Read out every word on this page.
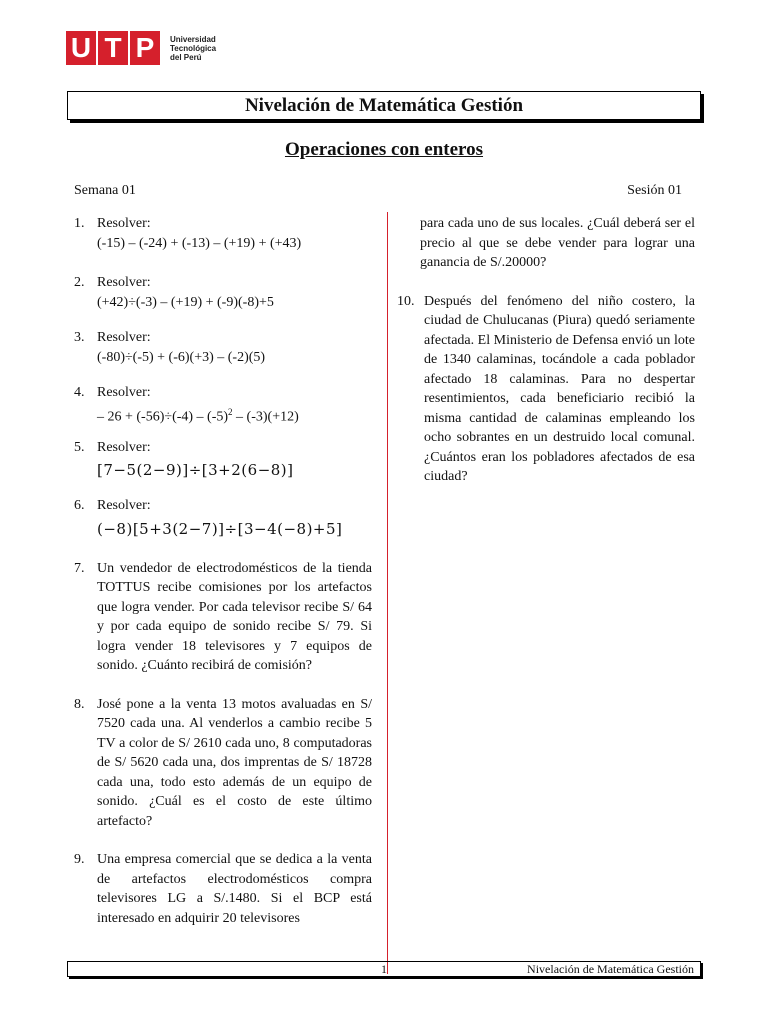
U T P	Universidad
Tecnológica
del Perú
Nivelación de Matemática Gestión
Operaciones con enteros
Semana 01	Sesión 01
1. Resolver:
(-15) – (-24) + (-13) – (+19) + (+43)
2. Resolver:
(+42)÷(-3) – (+19) + (-9)(-8)+5
3. Resolver:
(-80)÷(-5) + (-6)(+3) – (-2)(5)
4. Resolver:
– $26 + (-56)\div(-4) - (-5)^2 - (-3)(+12)$
5. Resolver:
[7−5(2−9)]÷[3+2(6−8)]
6. Resolver:
(−8)[5+3(2−7)]÷[3−4(−8)+5]
7. Un vendedor de electrodomésticos de la tienda TOTTUS recibe comisiones por los artefactos que logra vender. Por cada televisor recibe S/ 64 y por cada equipo de sonido recibe S/ 79. Si logra vender 18 televisores y 7 equipos de sonido. ¿Cuánto recibirá de comisión?
8. José pone a la venta 13 motos avaluadas en S/ 7520 cada una. Al venderlos a cambio recibe 5 TV a color de S/ 2610 cada uno, 8 computadoras de S/ 5620 cada una, dos imprentas de S/ 18728 cada una, todo esto además de un equipo de sonido. ¿Cuál es el costo de este último artefacto?
9. Una empresa comercial que se dedica a la venta de artefactos electrodomésticos compra televisores LG a S/.1480. Si el BCP está interesado en adquirir 20 televisores
para cada uno de sus locales. ¿Cuál deberá ser el precio al que se debe vender para lograr una ganancia de S/.20000?
10. Después del fenómeno del niño costero, la ciudad de Chulucanas (Piura) quedó seriamente afectada. El Ministerio de Defensa envió un lote de 1340 calaminas, tocándole a cada poblador afectado 18 calaminas. Para no despertar resentimientos, cada beneficiario recibió la misma cantidad de calaminas empleando los ocho sobrantes en un destruido local comunal. ¿Cuántos eran los pobladores afectados de esa ciudad?
1	Nivelación de Matemática Gestión
